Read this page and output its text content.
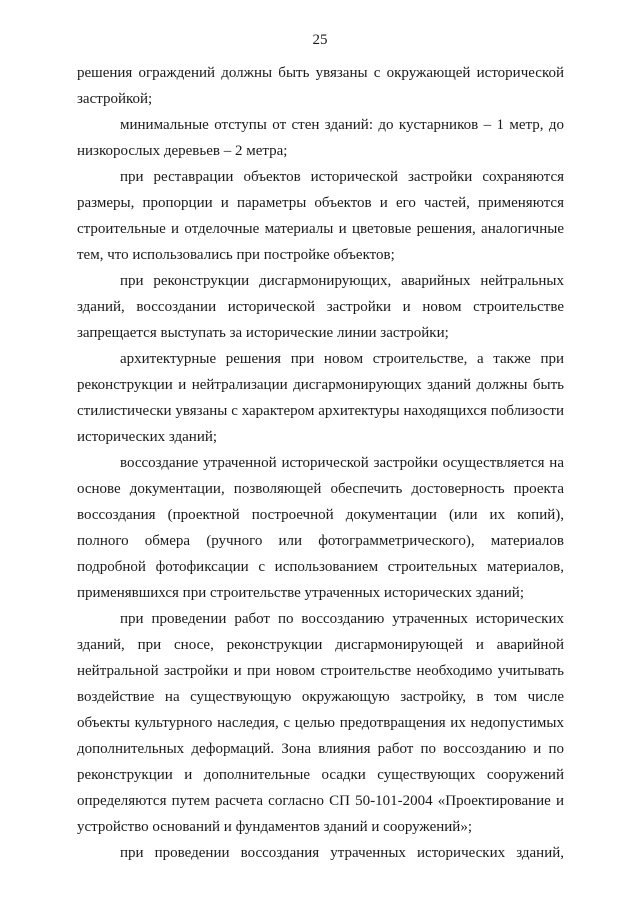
25

решения ограждений должны быть увязаны с окружающей исторической застройкой;

минимальные отступы от стен зданий: до кустарников – 1 метр, до низкорослых деревьев – 2 метра;

при реставрации объектов исторической застройки сохраняются размеры, пропорции и параметры объектов и его частей, применяются строительные и отделочные материалы и цветовые решения, аналогичные тем, что использовались при постройке объектов;

при реконструкции дисгармонирующих, аварийных нейтральных зданий, воссоздании исторической застройки и новом строительстве запрещается выступать за исторические линии застройки;

архитектурные решения при новом строительстве, а также при реконструкции и нейтрализации дисгармонирующих зданий должны быть стилистически увязаны с характером архитектуры находящихся поблизости исторических зданий;

воссоздание утраченной исторической застройки осуществляется на основе документации, позволяющей обеспечить достоверность проекта воссоздания (проектной построечной документации (или их копий), полного обмера (ручного или фотограмметрического), материалов подробной фотофиксации с использованием строительных материалов, применявшихся при строительстве утраченных исторических зданий;

при проведении работ по воссозданию утраченных исторических зданий, при сносе, реконструкции дисгармонирующей и аварийной нейтральной застройки и при новом строительстве необходимо учитывать воздействие на существующую окружающую застройку, в том числе объекты культурного наследия, с целью предотвращения их недопустимых дополнительных деформаций. Зона влияния работ по воссозданию и по реконструкции и дополнительные осадки существующих сооружений определяются путем расчета согласно СП 50-101-2004 «Проектирование и устройство оснований и фундаментов зданий и сооружений»;

при проведении воссоздания утраченных исторических зданий,
